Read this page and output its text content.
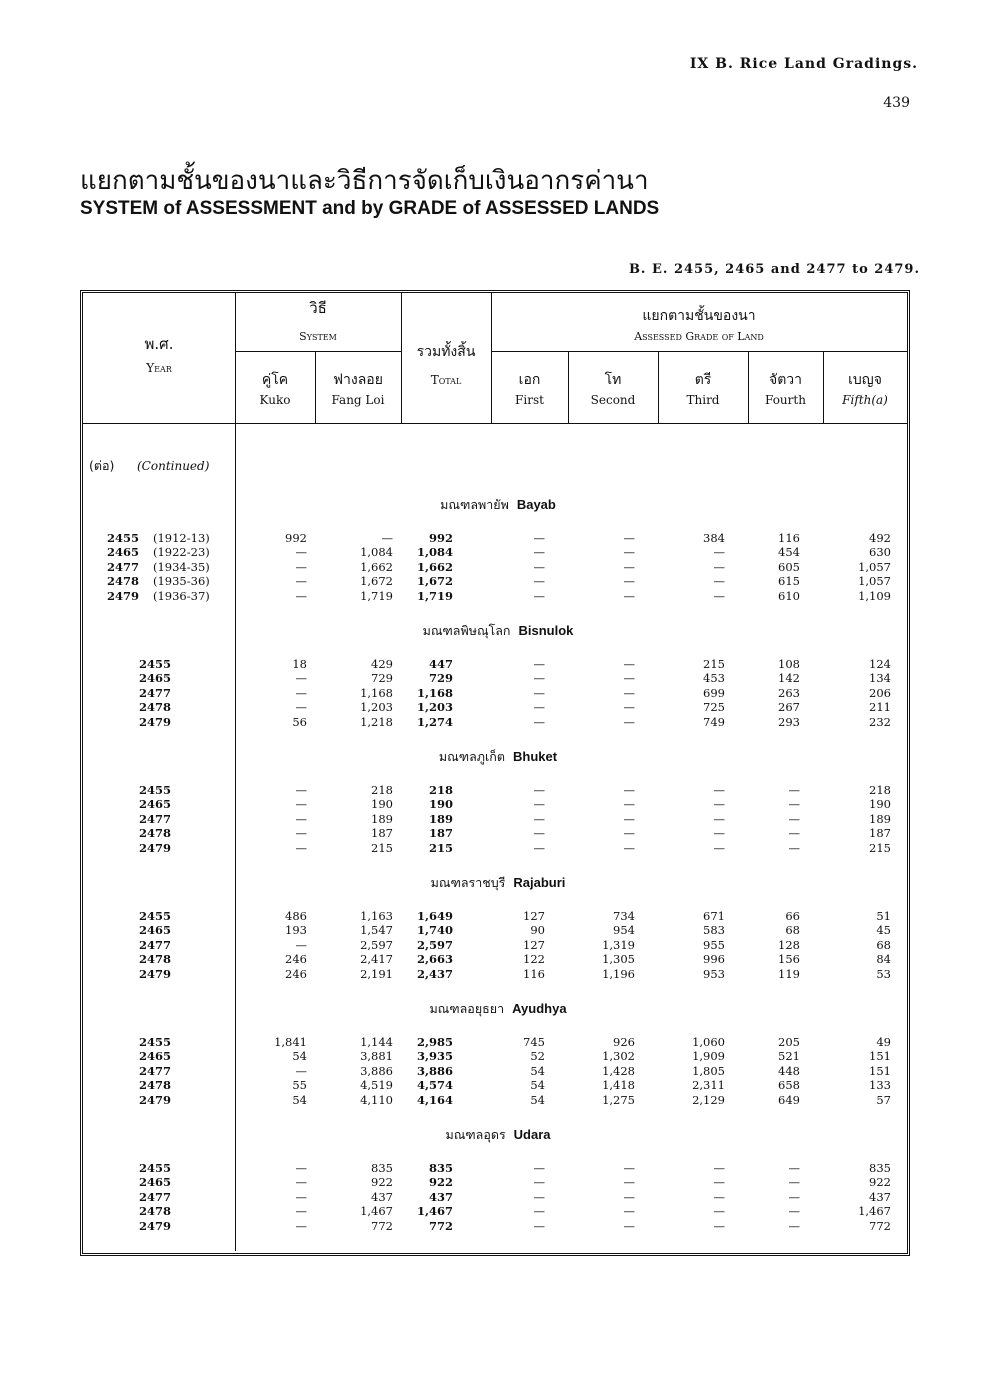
IX B. Rice Land Gradings.
439
แยกตามชั้นของนาและวิธีการจัดเก็บเงินอากรค่านา
SYSTEM of ASSESSMENT and by GRADE of ASSESSED LANDS
B. E. 2455, 2465 and 2477 to 2479.
พ.ศ.
Year
วิธี
System
คู่โค
Kuko
ฟางลอย
Fang Loi
รวมทั้งสิ้น
Total
แยกตามชั้นของนา
Assessed Grade of Land
เอก
First
โท
Second
ตรี
Third
จัตวา
Fourth
เบญจ
Fifth(a)
(ต่อ) (Continued)
มณฑลพายัพ Bayab
2455 (1912-13)	992	—	992	—	—	384	116	492
2465 (1922-23)	—	1,084	1,084	—	—	—	454	630
2477 (1934-35)	—	1,662	1,662	—	—	—	605	1,057
2478 (1935-36)	—	1,672	1,672	—	—	—	615	1,057
2479 (1936-37)	—	1,719	1,719	—	—	—	610	1,109
มณฑลพิษณุโลก Bisnulok
2455	18	429	447	—	—	215	108	124
2465	—	729	729	—	—	453	142	134
2477	—	1,168	1,168	—	—	699	263	206
2478	—	1,203	1,203	—	—	725	267	211
2479	56	1,218	1,274	—	—	749	293	232
มณฑลภูเก็ต Bhuket
2455	—	218	218	—	—	—	—	218
2465	—	190	190	—	—	—	—	190
2477	—	189	189	—	—	—	—	189
2478	—	187	187	—	—	—	—	187
2479	—	215	215	—	—	—	—	215
มณฑลราชบุรี Rajaburi
2455	486	1,163	1,649	127	734	671	66	51
2465	193	1,547	1,740	90	954	583	68	45
2477	—	2,597	2,597	127	1,319	955	128	68
2478	246	2,417	2,663	122	1,305	996	156	84
2479	246	2,191	2,437	116	1,196	953	119	53
มณฑลอยุธยา Ayudhya
2455	1,841	1,144	2,985	745	926	1,060	205	49
2465	54	3,881	3,935	52	1,302	1,909	521	151
2477	—	3,886	3,886	54	1,428	1,805	448	151
2478	55	4,519	4,574	54	1,418	2,311	658	133
2479	54	4,110	4,164	54	1,275	2,129	649	57
มณฑลอุดร Udara
2455	—	835	835	—	—	—	—	835
2465	—	922	922	—	—	—	—	922
2477	—	437	437	—	—	—	—	437
2478	—	1,467	1,467	—	—	—	—	1,467
2479	—	772	772	—	—	—	—	772
